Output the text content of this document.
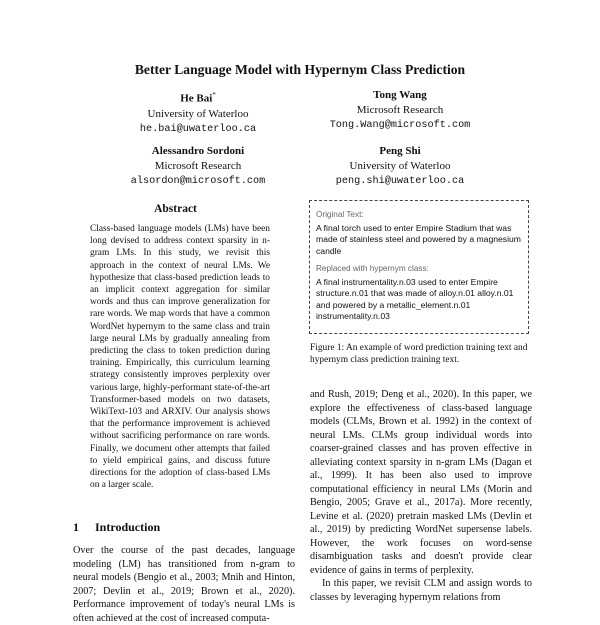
Better Language Model with Hypernym Class Prediction
He Bai*
University of Waterloo
he.bai@uwaterloo.ca
Tong Wang
Microsoft Research
Tong.Wang@microsoft.com
Alessandro Sordoni
Microsoft Research
alsordon@microsoft.com
Peng Shi
University of Waterloo
peng.shi@uwaterloo.ca
Abstract
Class-based language models (LMs) have been long devised to address context sparsity in n-gram LMs. In this study, we revisit this approach in the context of neural LMs. We hypothesize that class-based prediction leads to an implicit context aggregation for similar words and thus can improve generalization for rare words. We map words that have a common WordNet hypernym to the same class and train large neural LMs by gradually annealing from predicting the class to token prediction during training. Empirically, this curriculum learning strategy consistently improves perplexity over various large, highly-performant state-of-the-art Transformer-based models on two datasets, WikiText-103 and ARXIV. Our analysis shows that the performance improvement is achieved without sacrificing performance on rare words. Finally, we document other attempts that failed to yield empirical gains, and discuss future directions for the adoption of class-based LMs on a larger scale.
1 Introduction
Over the course of the past decades, language modeling (LM) has transitioned from n-gram to neural models (Bengio et al., 2003; Mnih and Hinton, 2007; Devlin et al., 2019; Brown et al., 2020). Performance improvement of today's neural LMs is often achieved at the cost of increased computa-
Original Text:
A final torch used to enter Empire Stadium that was made of stainless steel and powered by a magnesium candle
Replaced with hypernym class:
A final instrumentality.n.03 used to enter Empire structure.n.01 that was made of alloy.n.01 alloy.n.01 and powered by a metallic_element.n.01 instrumentality.n.03
Figure 1: An example of word prediction training text and hypernym class prediction training text.
and Rush, 2019; Deng et al., 2020). In this paper, we explore the effectiveness of class-based language models (CLMs, Brown et al. 1992) in the context of neural LMs. CLMs group individual words into coarser-grained classes and has proven effective in alleviating context sparsity in n-gram LMs (Dagan et al., 1999). It has been also used to improve computational efficiency in neural LMs (Morin and Bengio, 2005; Grave et al., 2017a). More recently, Levine et al. (2020) pretrain masked LMs (Devlin et al., 2019) by predicting WordNet supersense labels. However, the work focuses on word-sense disambiguation tasks and doesn't provide clear evidence of gains in terms of perplexity.
In this paper, we revisit CLM and assign words to classes by leveraging hypernym relations from
